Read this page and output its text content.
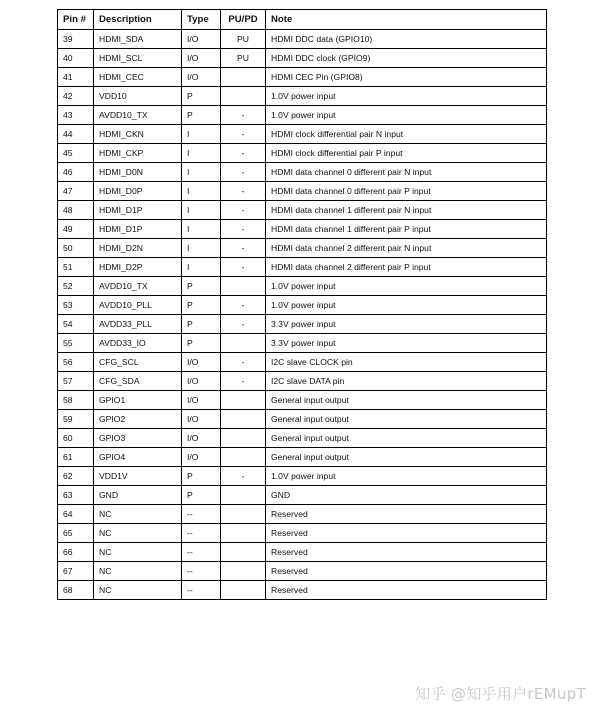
Pin #	Description	Type	PU/PD	Note
39	HDMI_SDA	I/O	PU	HDMI DDC data (GPIO10)
40	HDMI_SCL	I/O	PU	HDMI DDC clock (GPIO9)
41	HDMI_CEC	I/O		HDMI CEC Pin (GPIO8)
42	VDD10	P		1.0V power input
43	AVDD10_TX	P	-	1.0V power input
44	HDMI_CKN	I	-	HDMI clock differential pair N input
45	HDMI_CKP	I	-	HDMI clock differential pair P input
46	HDMI_D0N	I	-	HDMI data channel 0 different pair N input
47	HDMI_D0P	I	-	HDMI data channel 0 different pair P input
48	HDMI_D1P	I	-	HDMI data channel 1 different pair N input
49	HDMI_D1P	I	-	HDMI data channel 1 different pair P input
50	HDMI_D2N	I	-	HDMI data channel 2 different pair N input
51	HDMI_D2P	I	-	HDMI data channel 2 different pair P input
52	AVDD10_TX	P		1.0V power input
53	AVDD10_PLL	P	-	1.0V power input
54	AVDD33_PLL	P	-	3.3V power input
55	AVDD33_IO	P		3.3V power input
56	CFG_SCL	I/O	-	I2C slave CLOCK pin
57	CFG_SDA	I/O	-	I2C slave DATA pin
58	GPIO1	I/O		General input output
59	GPIO2	I/O		General input output
60	GPIO3	I/O		General input output
61	GPIO4	I/O		General input output
62	VDD1V	P	-	1.0V power input
63	GND	P		GND
64	NC	--		Reserved
65	NC	--		Reserved
66	NC	--		Reserved
67	NC	--		Reserved
68	NC	--		Reserved
知乎 @知乎用户rEMupT
